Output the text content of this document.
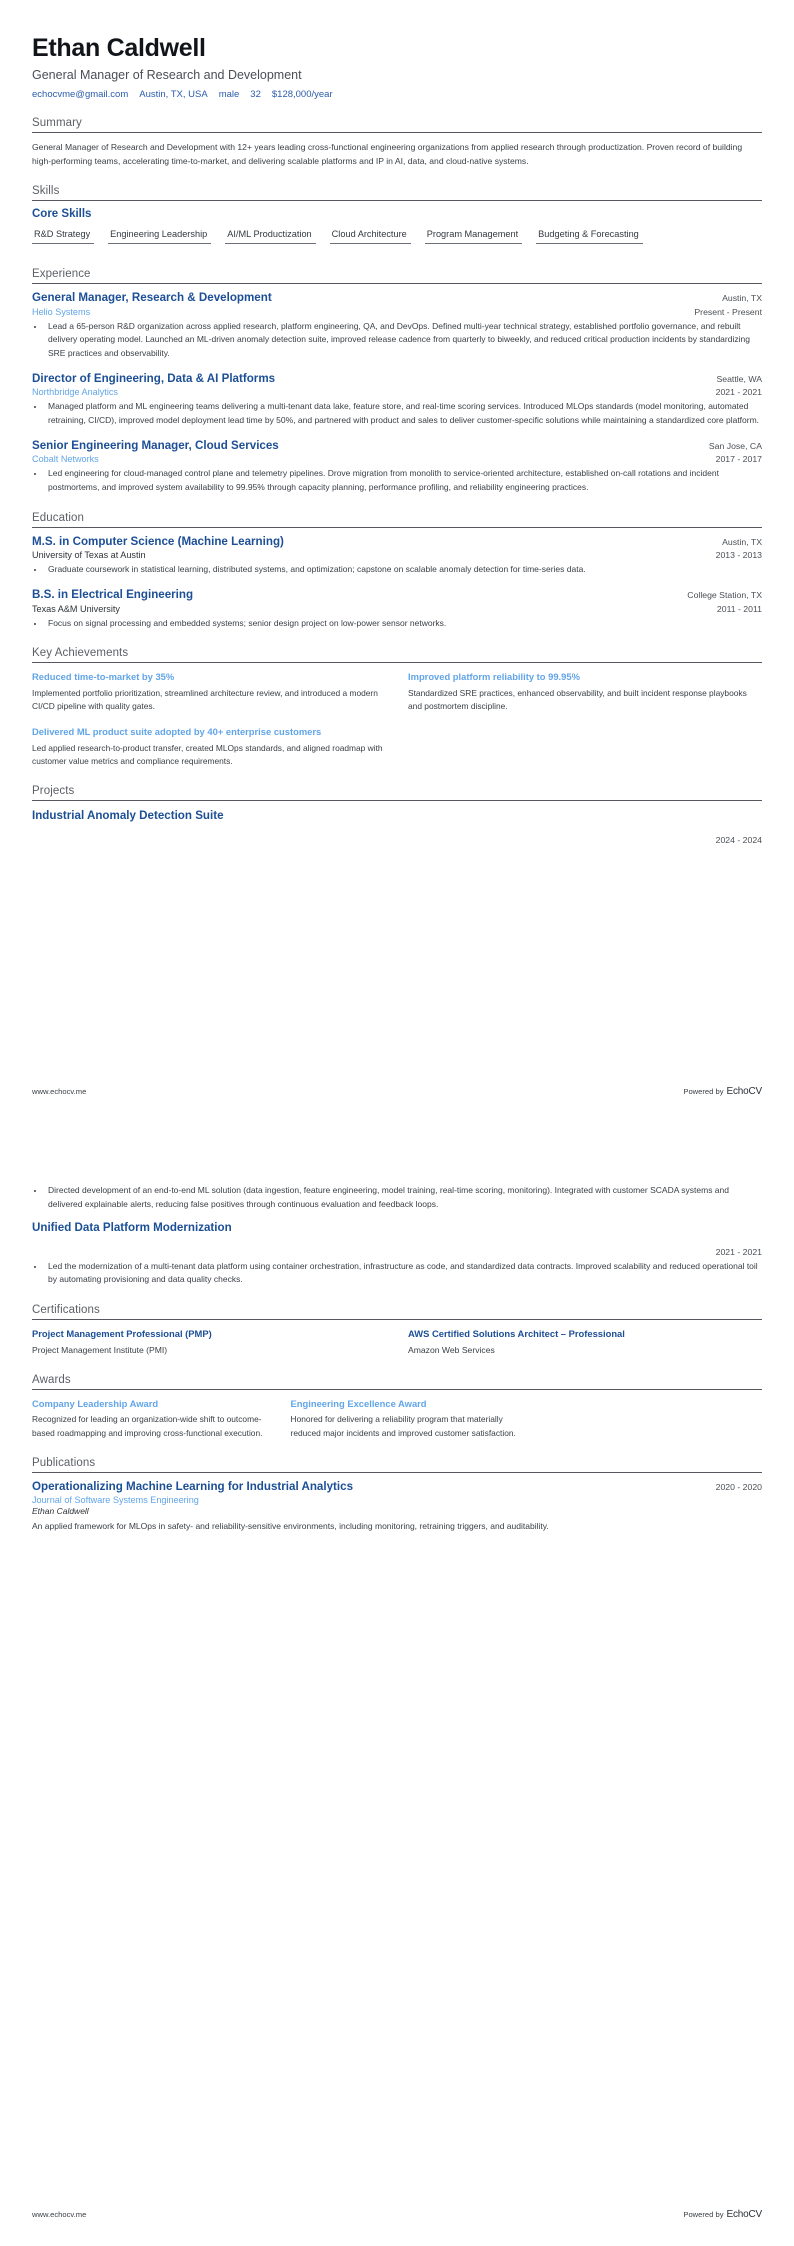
Ethan Caldwell
General Manager of Research and Development
echocvme@gmail.com Austin, TX, USA male 32 $128,000/year
Summary
General Manager of Research and Development with 12+ years leading cross-functional engineering organizations from applied research through productization. Proven record of building high-performing teams, accelerating time-to-market, and delivering scalable platforms and IP in AI, data, and cloud-native systems.
Skills
Core Skills
R&D Strategy	Engineering Leadership	AI/ML Productization	Cloud Architecture	Program Management	Budgeting & Forecasting
Experience
General Manager, Research & Development	Austin, TX
Helio Systems	Present - Present
• Lead a 65-person R&D organization across applied research, platform engineering, QA, and DevOps. Defined multi-year technical strategy, established portfolio governance, and rebuilt delivery operating model. Launched an ML-driven anomaly detection suite, improved release cadence from quarterly to biweekly, and reduced critical production incidents by standardizing SRE practices and observability.
Director of Engineering, Data & AI Platforms	Seattle, WA
Northbridge Analytics	2021 - 2021
• Managed platform and ML engineering teams delivering a multi-tenant data lake, feature store, and real-time scoring services. Introduced MLOps standards (model monitoring, automated retraining, CI/CD), improved model deployment lead time by 50%, and partnered with product and sales to deliver customer-specific solutions while maintaining a standardized core platform.
Senior Engineering Manager, Cloud Services	San Jose, CA
Cobalt Networks	2017 - 2017
• Led engineering for cloud-managed control plane and telemetry pipelines. Drove migration from monolith to service-oriented architecture, established on-call rotations and incident postmortems, and improved system availability to 99.95% through capacity planning, performance profiling, and reliability engineering practices.
Education
M.S. in Computer Science (Machine Learning)	Austin, TX
University of Texas at Austin	2013 - 2013
• Graduate coursework in statistical learning, distributed systems, and optimization; capstone on scalable anomaly detection for time-series data.
B.S. in Electrical Engineering	College Station, TX
Texas A&M University	2011 - 2011
• Focus on signal processing and embedded systems; senior design project on low-power sensor networks.
Key Achievements
Reduced time-to-market by 35%
Implemented portfolio prioritization, streamlined architecture review, and introduced a modern CI/CD pipeline with quality gates.
Improved platform reliability to 99.95%
Standardized SRE practices, enhanced observability, and built incident response playbooks and postmortem discipline.
Delivered ML product suite adopted by 40+ enterprise customers
Led applied research-to-product transfer, created MLOps standards, and aligned roadmap with customer value metrics and compliance requirements.
Projects
Industrial Anomaly Detection Suite
2024 - 2024
www.echocv.me	Powered by EchoCV
• Directed development of an end-to-end ML solution (data ingestion, feature engineering, model training, real-time scoring, monitoring). Integrated with customer SCADA systems and delivered explainable alerts, reducing false positives through continuous evaluation and feedback loops.
Unified Data Platform Modernization
2021 - 2021
• Led the modernization of a multi-tenant data platform using container orchestration, infrastructure as code, and standardized data contracts. Improved scalability and reduced operational toil by automating provisioning and data quality checks.
Certifications
Project Management Professional (PMP)
Project Management Institute (PMI)
AWS Certified Solutions Architect – Professional
Amazon Web Services
Awards
Company Leadership Award
Recognized for leading an organization-wide shift to outcome-based roadmapping and improving cross-functional execution.
Engineering Excellence Award
Honored for delivering a reliability program that materially reduced major incidents and improved customer satisfaction.
Publications
Operationalizing Machine Learning for Industrial Analytics	2020 - 2020
Journal of Software Systems Engineering
Ethan Caldwell
An applied framework for MLOps in safety- and reliability-sensitive environments, including monitoring, retraining triggers, and auditability.
www.echocv.me	Powered by EchoCV
